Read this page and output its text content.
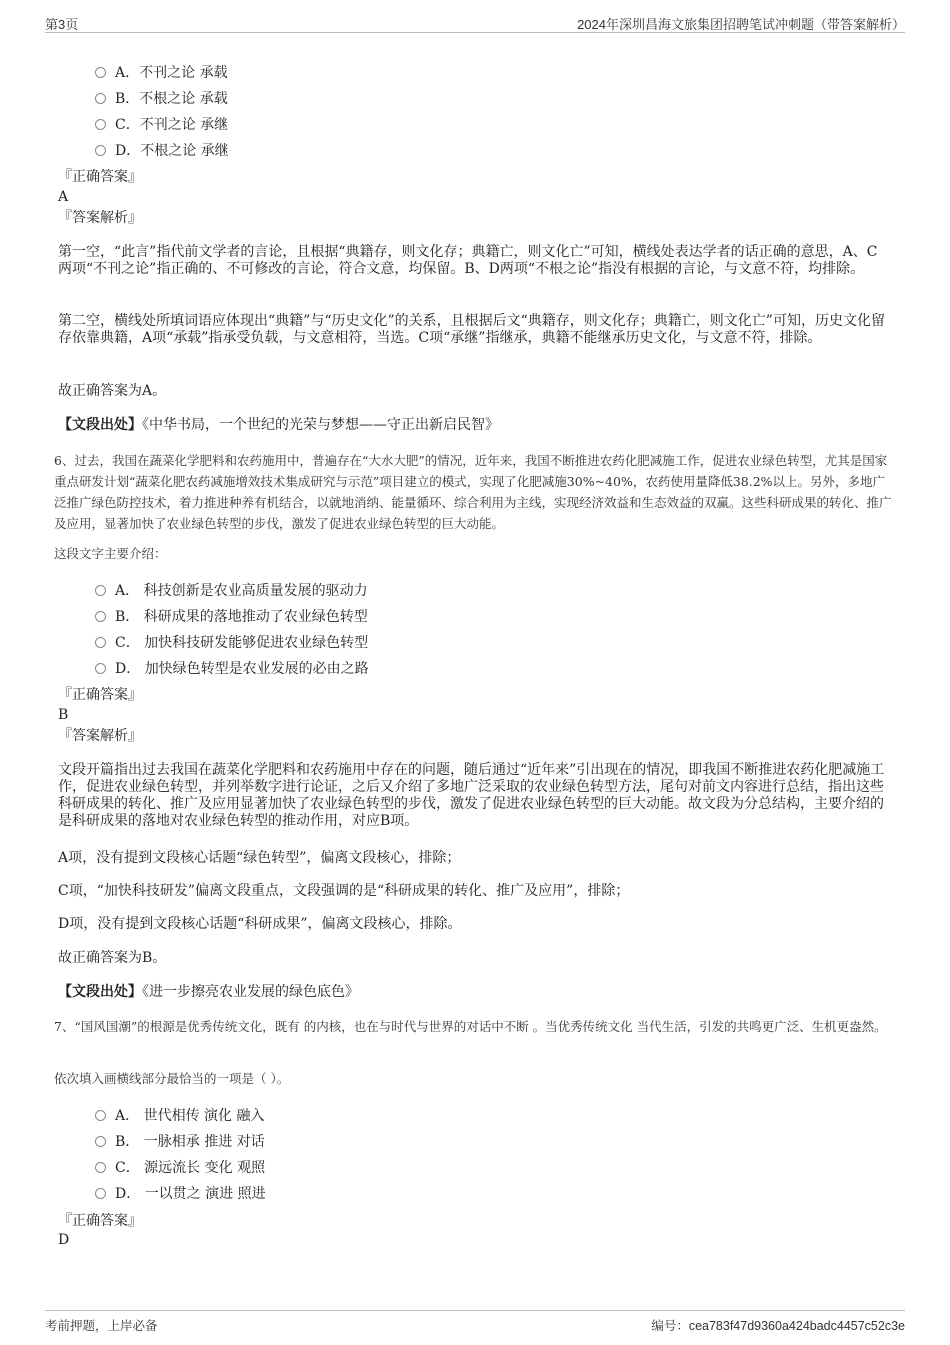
第3页	2024年深圳昌海文旅集团招聘笔试冲刺题（带答案解析）
A．不刊之论 承载
B．不根之论 承载
C．不刊之论 承继
D．不根之论 承继
『正确答案』
A
『答案解析』
第一空，“此言”指代前文学者的言论，且根据“典籍存，则文化存；典籍亡，则文化亡”可知，横线处表达学者的话正确的意思，A、C两项“不刊之论”指正确的、不可修改的言论，符合文意，均保留。B、D两项“不根之论”指没有根据的言论，与文意不符，均排除。
第二空，横线处所填词语应体现出“典籍”与“历史文化”的关系，且根据后文“典籍存，则文化存；典籍亡，则文化亡”可知，历史文化留存依靠典籍，A项“承载”指承受负载，与文意相符，当选。C项“承继”指继承，典籍不能继承历史文化，与文意不符，排除。
故正确答案为A。
【文段出处】《中华书局，一个世纪的光荣与梦想——守正出新启民智》
6、过去，我国在蔬菜化学肥料和农药施用中，普遍存在“大水大肥”的情况，近年来，我国不断推进农药化肥减施工作，促进农业绿色转型，尤其是国家重点研发计划“蔬菜化肥农药减施增效技术集成研究与示范”项目建立的模式，实现了化肥减施30%~40%，农药使用量降低38.2%以上。另外，多地广泛推广绿色防控技术，着力推进种养有机结合，以就地消纳、能量循环、综合利用为主线，实现经济效益和生态效益的双赢。这些科研成果的转化、推广及应用，显著加快了农业绿色转型的步伐，激发了促进农业绿色转型的巨大动能。
这段文字主要介绍：
A． 科技创新是农业高质量发展的驱动力
B． 科研成果的落地推动了农业绿色转型
C． 加快科技研发能够促进农业绿色转型
D． 加快绿色转型是农业发展的必由之路
『正确答案』
B
『答案解析』
文段开篇指出过去我国在蔬菜化学肥料和农药施用中存在的问题，随后通过“近年来”引出现在的情况，即我国不断推进农药化肥减施工作，促进农业绿色转型，并列举数字进行论证，之后又介绍了多地广泛采取的农业绿色转型方法，尾句对前文内容进行总结，指出这些科研成果的转化、推广及应用显著加快了农业绿色转型的步伐，激发了促进农业绿色转型的巨大动能。故文段为分总结构，主要介绍的是科研成果的落地对农业绿色转型的推动作用，对应B项。
A项，没有提到文段核心话题“绿色转型”，偏离文段核心，排除；
C项，“加快科技研发”偏离文段重点，文段强调的是“科研成果的转化、推广及应用”，排除；
D项，没有提到文段核心话题“科研成果”，偏离文段核心，排除。
故正确答案为B。
【文段出处】《进一步擦亮农业发展的绿色底色》
7、“国风国潮”的根源是优秀传统文化，既有 的内核，也在与时代与世界的对话中不断 。当优秀传统文化 当代生活，引发的共鸣更广泛、生机更盎然。
依次填入画横线部分最恰当的一项是（ ）。
A． 世代相传 演化 融入
B． 一脉相承 推进 对话
C． 源远流长 变化 观照
D． 一以贯之 演进 照进
『正确答案』
D
考前押题，上岸必备	编号：cea783f47d9360a424badc4457c52c3e
